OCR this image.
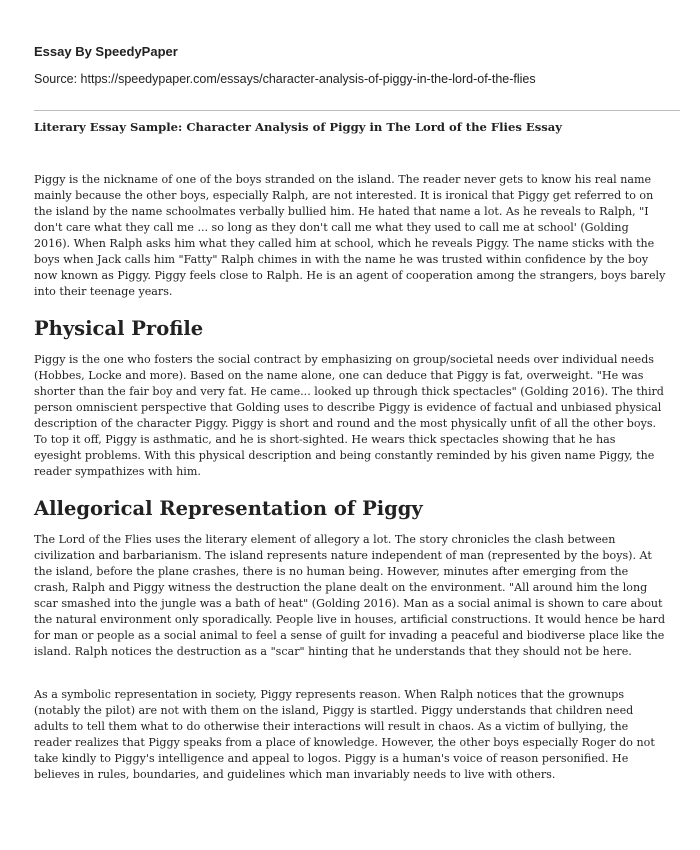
Essay By SpeedyPaper
Source: https://speedypaper.com/essays/character-analysis-of-piggy-in-the-lord-of-the-flies
Literary Essay Sample: Character Analysis of Piggy in The Lord of the Flies Essay

Piggy is the nickname of one of the boys stranded on the island. The reader never gets to know his real name mainly because the other boys, especially Ralph, are not interested. It is ironical that Piggy get referred to on the island by the name schoolmates verbally bullied him. He hated that name a lot. As he reveals to Ralph, "I don't care what they call me ... so long as they don't call me what they used to call me at school' (Golding 2016). When Ralph asks him what they called him at school, which he reveals Piggy. The name sticks with the boys when Jack calls him "Fatty" Ralph chimes in with the name he was trusted within confidence by the boy now known as Piggy. Piggy feels close to Ralph. He is an agent of cooperation among the strangers, boys barely into their teenage years.

Physical Profile

Piggy is the one who fosters the social contract by emphasizing on group/societal needs over individual needs (Hobbes, Locke and more). Based on the name alone, one can deduce that Piggy is fat, overweight. "He was shorter than the fair boy and very fat. He came... looked up through thick spectacles" (Golding 2016). The third person omniscient perspective that Golding uses to describe Piggy is evidence of factual and unbiased physical description of the character Piggy. Piggy is short and round and the most physically unfit of all the other boys. To top it off, Piggy is asthmatic, and he is short-sighted. He wears thick spectacles showing that he has eyesight problems. With this physical description and being constantly reminded by his given name Piggy, the reader sympathizes with him.

Allegorical Representation of Piggy

The Lord of the Flies uses the literary element of allegory a lot. The story chronicles the clash between civilization and barbarianism. The island represents nature independent of man (represented by the boys). At the island, before the plane crashes, there is no human being. However, minutes after emerging from the crash, Ralph and Piggy witness the destruction the plane dealt on the environment. "All around him the long scar smashed into the jungle was a bath of heat" (Golding 2016). Man as a social animal is shown to care about the natural environment only sporadically. People live in houses, artificial constructions. It would hence be hard for man or people as a social animal to feel a sense of guilt for invading a peaceful and biodiverse place like the island. Ralph notices the destruction as a "scar" hinting that he understands that they should not be here.

As a symbolic representation in society, Piggy represents reason. When Ralph notices that the grownups (notably the pilot) are not with them on the island, Piggy is startled. Piggy understands that children need adults to tell them what to do otherwise their interactions will result in chaos. As a victim of bullying, the reader realizes that Piggy speaks from a place of knowledge. However, the other boys especially Roger do not take kindly to Piggy's intelligence and appeal to logos. Piggy is a human's voice of reason personified. He believes in rules, boundaries, and guidelines which man invariably needs to live with others.
